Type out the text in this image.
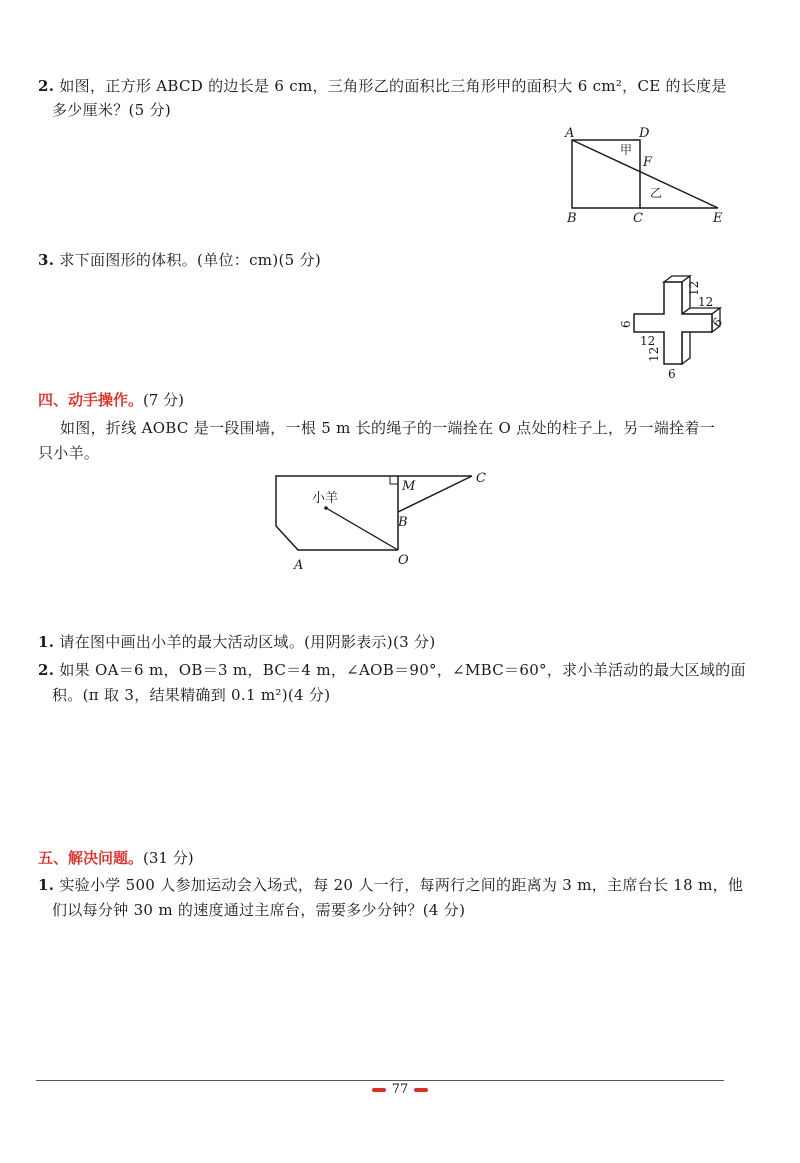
2. 如图，正方形 ABCD 的边长是 6 cm，三角形乙的面积比三角形甲的面积大 6 cm²，CE 的长度是
多少厘米？(5 分)
A	D
F
B	C	E
甲
乙
3. 求下面图形的体积。(单位：cm)(5 分)
12
12
6
12
12
6
6
四、动手操作。(7 分)
如图，折线 AOBC 是一段围墙，一根 5 m 长的绳子的一端拴在 O 点处的柱子上，另一端拴着一
只小羊。
C
M
小羊
B
A	O
1. 请在图中画出小羊的最大活动区域。(用阴影表示)(3 分)
2. 如果 OA＝6 m，OB＝3 m，BC＝4 m，∠AOB＝90°，∠MBC＝60°，求小羊活动的最大区域的面
积。(π 取 3，结果精确到 0.1 m²)(4 分)
五、解决问题。(31 分)
1. 实验小学 500 人参加运动会入场式，每 20 人一行，每两行之间的距离为 3 m，主席台长 18 m，他
们以每分钟 30 m 的速度通过主席台，需要多少分钟？(4 分)
77
